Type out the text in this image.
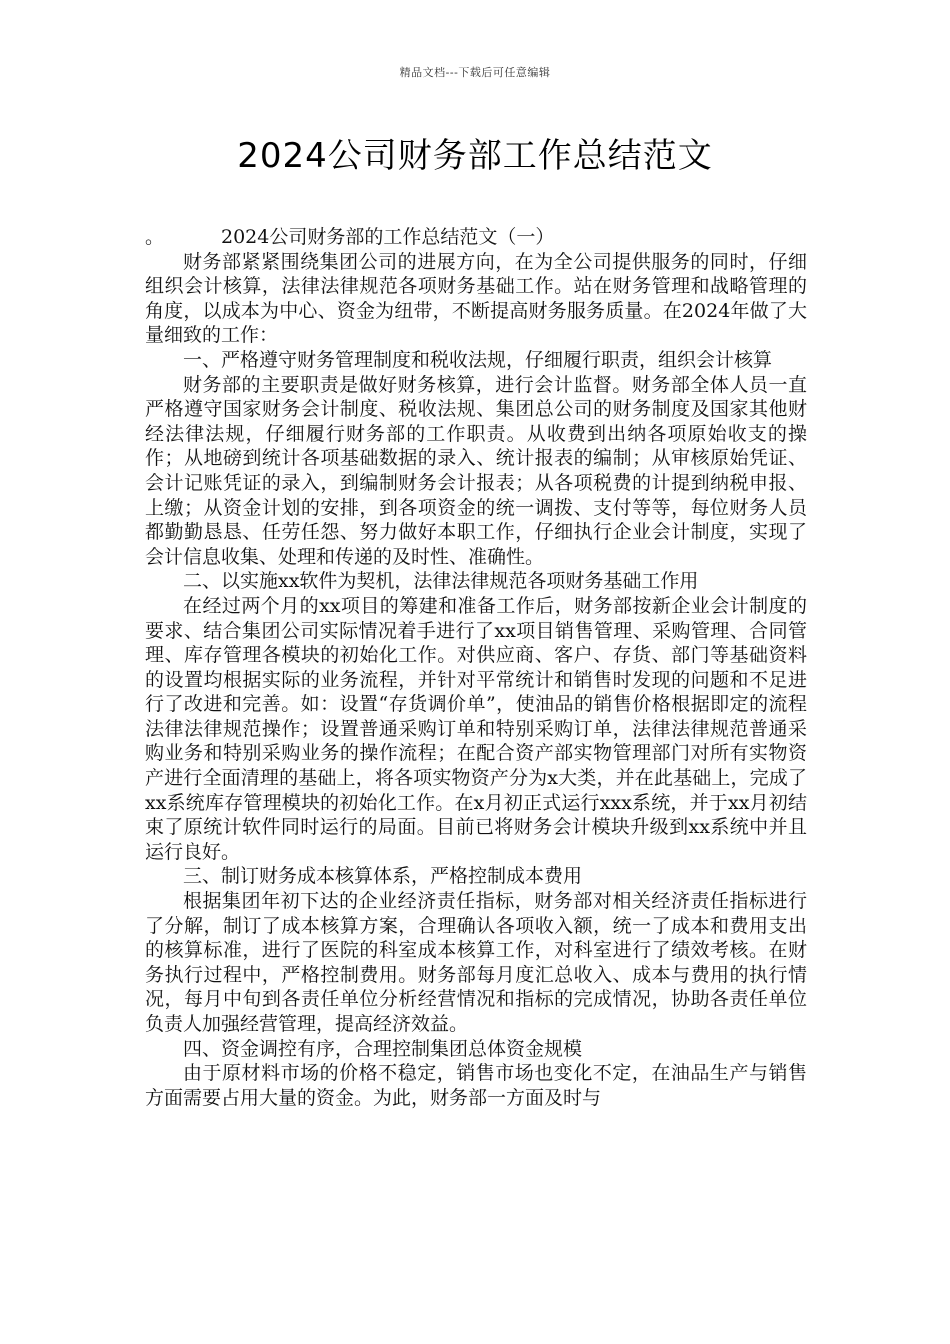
精品文档---下载后可任意编辑
2024公司财务部工作总结范文

。   2024公司财务部的工作总结范文（一）

财务部紧紧围绕集团公司的进展方向，在为全公司提供服务的同时，仔细组织会计核算，法律法律规范各项财务基础工作。站在财务管理和战略管理的角度，以成本为中心、资金为纽带，不断提高财务服务质量。在2024年做了大量细致的工作：

一、严格遵守财务管理制度和税收法规，仔细履行职责，组织会计核算

财务部的主要职责是做好财务核算，进行会计监督。财务部全体人员一直严格遵守国家财务会计制度、税收法规、集团总公司的财务制度及国家其他财经法律法规，仔细履行财务部的工作职责。从收费到出纳各项原始收支的操作；从地磅到统计各项基础数据的录入、统计报表的编制；从审核原始凭证、会计记账凭证的录入，到编制财务会计报表；从各项税费的计提到纳税申报、上缴；从资金计划的安排，到各项资金的统一调拨、支付等等，每位财务人员都勤勤恳恳、任劳任怨、努力做好本职工作，仔细执行企业会计制度，实现了会计信息收集、处理和传递的及时性、准确性。

二、以实施xx软件为契机，法律法律规范各项财务基础工作用

在经过两个月的xx项目的筹建和准备工作后，财务部按新企业会计制度的要求、结合集团公司实际情况着手进行了xx项目销售管理、采购管理、合同管理、库存管理各模块的初始化工作。对供应商、客户、存货、部门等基础资料的设置均根据实际的业务流程，并针对平常统计和销售时发现的问题和不足进行了改进和完善。如：设置“存货调价单”，使油品的销售价格根据即定的流程法律法律规范操作；设置普通采购订单和特别采购订单，法律法律规范普通采购业务和特别采购业务的操作流程；在配合资产部实物管理部门对所有实物资产进行全面清理的基础上，将各项实物资产分为x大类，并在此基础上，完成了xx系统库存管理模块的初始化工作。在x月初正式运行xxx系统，并于xx月初结束了原统计软件同时运行的局面。目前已将财务会计模块升级到xx系统中并且运行良好。

三、制订财务成本核算体系，严格控制成本费用

根据集团年初下达的企业经济责任指标，财务部对相关经济责任指标进行了分解，制订了成本核算方案，合理确认各项收入额，统一了成本和费用支出的核算标准，进行了医院的科室成本核算工作，对科室进行了绩效考核。在财务执行过程中，严格控制费用。财务部每月度汇总收入、成本与费用的执行情况，每月中旬到各责任单位分析经营情况和指标的完成情况，协助各责任单位负责人加强经营管理，提高经济效益。

四、资金调控有序，合理控制集团总体资金规模

由于原材料市场的价格不稳定，销售市场也变化不定，在油品生产与销售方面需要占用大量的资金。为此，财务部一方面及时与
